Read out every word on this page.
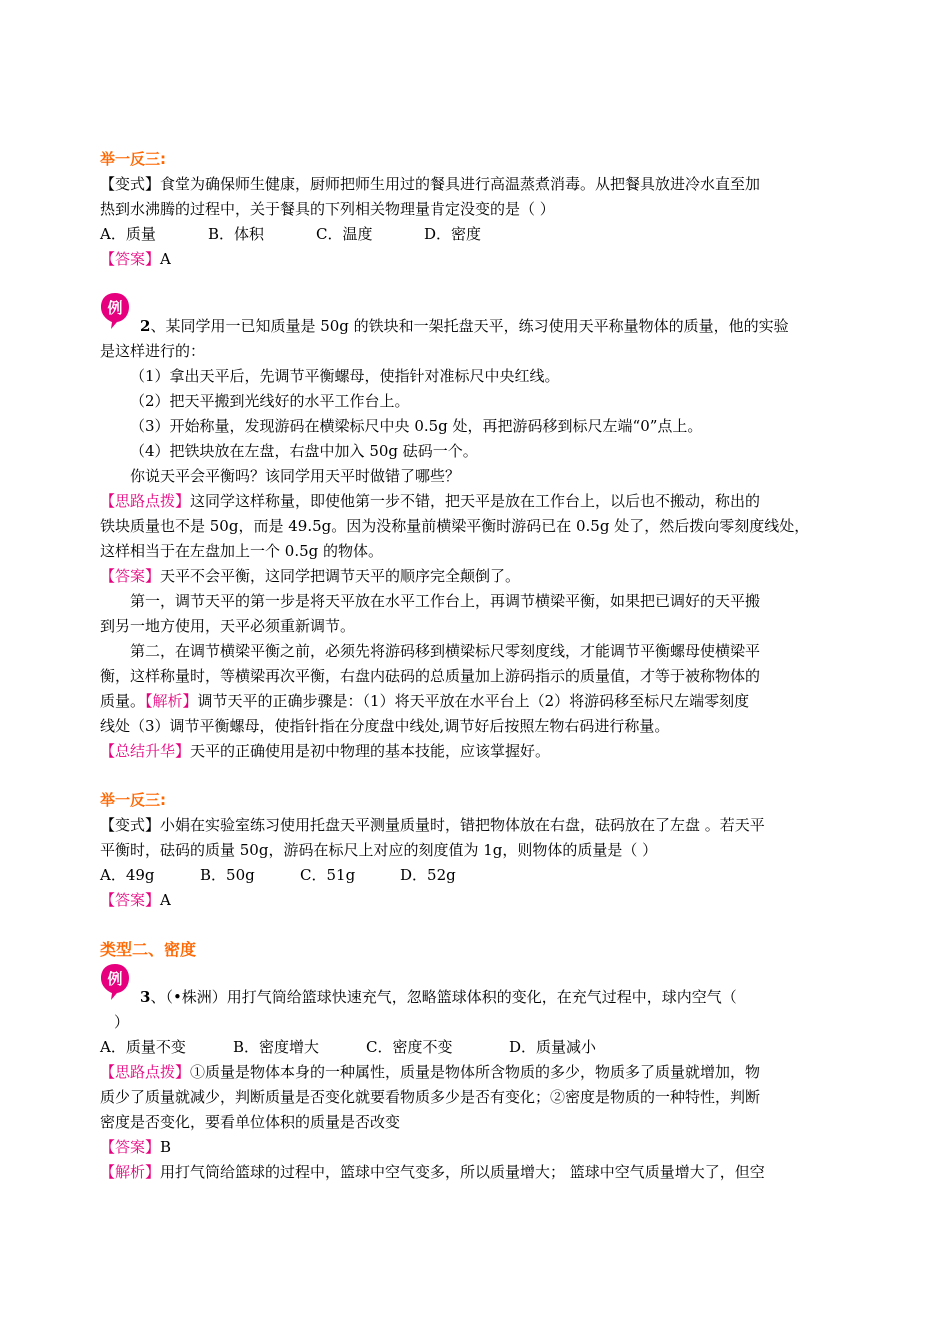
举一反三:
【变式】食堂为确保师生健康，厨师把师生用过的餐具进行高温蒸煮消毒。从把餐具放进冷水直至加
热到水沸腾的过程中，关于餐具的下列相关物理量肯定没变的是（ ）
A．质量	B．体积	C．温度	D．密度
【答案】A
例
2、某同学用一已知质量是 50g 的铁块和一架托盘天平，练习使用天平称量物体的质量，他的实验
是这样进行的：
（1）拿出天平后，先调节平衡螺母，使指针对准标尺中央红线。
（2）把天平搬到光线好的水平工作台上。
（3）开始称量，发现游码在横梁标尺中央 0.5g 处，再把游码移到标尺左端“0”点上。
（4）把铁块放在左盘，右盘中加入 50g 砝码一个。
你说天平会平衡吗？该同学用天平时做错了哪些？
【思路点拨】这同学这样称量，即使他第一步不错，把天平是放在工作台上，以后也不搬动，称出的
铁块质量也不是 50g，而是 49.5g。因为没称量前横梁平衡时游码已在 0.5g 处了，然后拨向零刻度线处，
这样相当于在左盘加上一个 0.5g 的物体。
【答案】天平不会平衡，这同学把调节天平的顺序完全颠倒了。
第一，调节天平的第一步是将天平放在水平工作台上，再调节横梁平衡，如果把已调好的天平搬
到另一地方使用，天平必须重新调节。
第二，在调节横梁平衡之前，必须先将游码移到横梁标尺零刻度线，才能调节平衡螺母使横梁平
衡，这样称量时，等横梁再次平衡，右盘内砝码的总质量加上游码指示的质量值，才等于被称物体的
质量。【解析】调节天平的正确步骤是：（1）将天平放在水平台上（2）将游码移至标尺左端零刻度
线处（3）调节平衡螺母，使指针指在分度盘中线处,调节好后按照左物右码进行称量。
【总结升华】天平的正确使用是初中物理的基本技能，应该掌握好。
举一反三:
【变式】小娟在实验室练习使用托盘天平测量质量时，错把物体放在右盘，砝码放在了左盘 。若天平
平衡时，砝码的质量 50g，游码在标尺上对应的刻度值为 1g，则物体的质量是（ ）
A．49g	B．50g	C．51g	D．52g
【答案】A
类型二、密度
例
3、（•株洲）用打气筒给篮球快速充气，忽略篮球体积的变化，在充气过程中，球内空气（
）
A．质量不变	B．密度增大	C．密度不变	D．质量减小
【思路点拨】①质量是物体本身的一种属性，质量是物体所含物质的多少，物质多了质量就增加，物
质少了质量就减少，判断质量是否变化就要看物质多少是否有变化；②密度是物质的一种特性，判断
密度是否变化，要看单位体积的质量是否改变
【答案】B
【解析】用打气筒给篮球的过程中，篮球中空气变多，所以质量增大； 篮球中空气质量增大了，但空
